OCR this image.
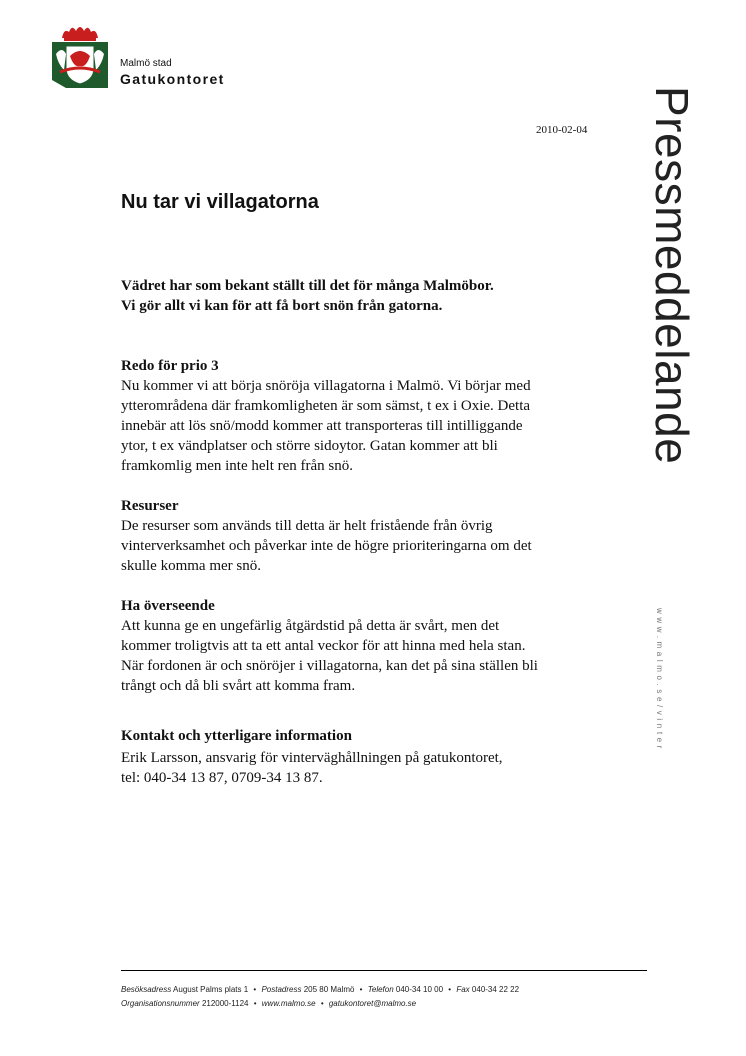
Malmö stad
Gatukontoret
2010-02-04 Pressmeddelande
www.malmo.se/vinter
Nu tar vi villagatorna
Vädret har som bekant ställt till det för många Malmöbor.
Vi gör allt vi kan för att få bort snön från gatorna.
Redo för prio 3
Nu kommer vi att börja snöröja villagatorna i Malmö. Vi börjar med
ytterområdena där framkomligheten är som sämst, t ex i Oxie. Detta
innebär att lös snö/modd kommer att transporteras till intilliggande
ytor, t ex vändplatser och större sidoytor. Gatan kommer att bli
framkomlig men inte helt ren från snö.
Resurser
De resurser som används till detta är helt fristående från övrig
vinterverksamhet och påverkar inte de högre prioriteringarna om det
skulle komma mer snö.
Ha överseende
Att kunna ge en ungefärlig åtgärdstid på detta är svårt, men det
kommer troligtvis att ta ett antal veckor för att hinna med hela stan.
När fordonen är och snöröjer i villagatorna, kan det på sina ställen bli
trångt och då bli svårt att komma fram.
Kontakt och ytterligare information
Erik Larsson, ansvarig för vinterväghållningen på gatukontoret,
tel: 040-34 13 87, 0709-34 13 87.
Besöksadress August Palms plats 1 • Postadress 205 80 Malmö • Telefon 040-34 10 00 • Fax 040-34 22 22
Organisationsnummer 212000-1124 • www.malmo.se • gatukontoret@malmo.se
